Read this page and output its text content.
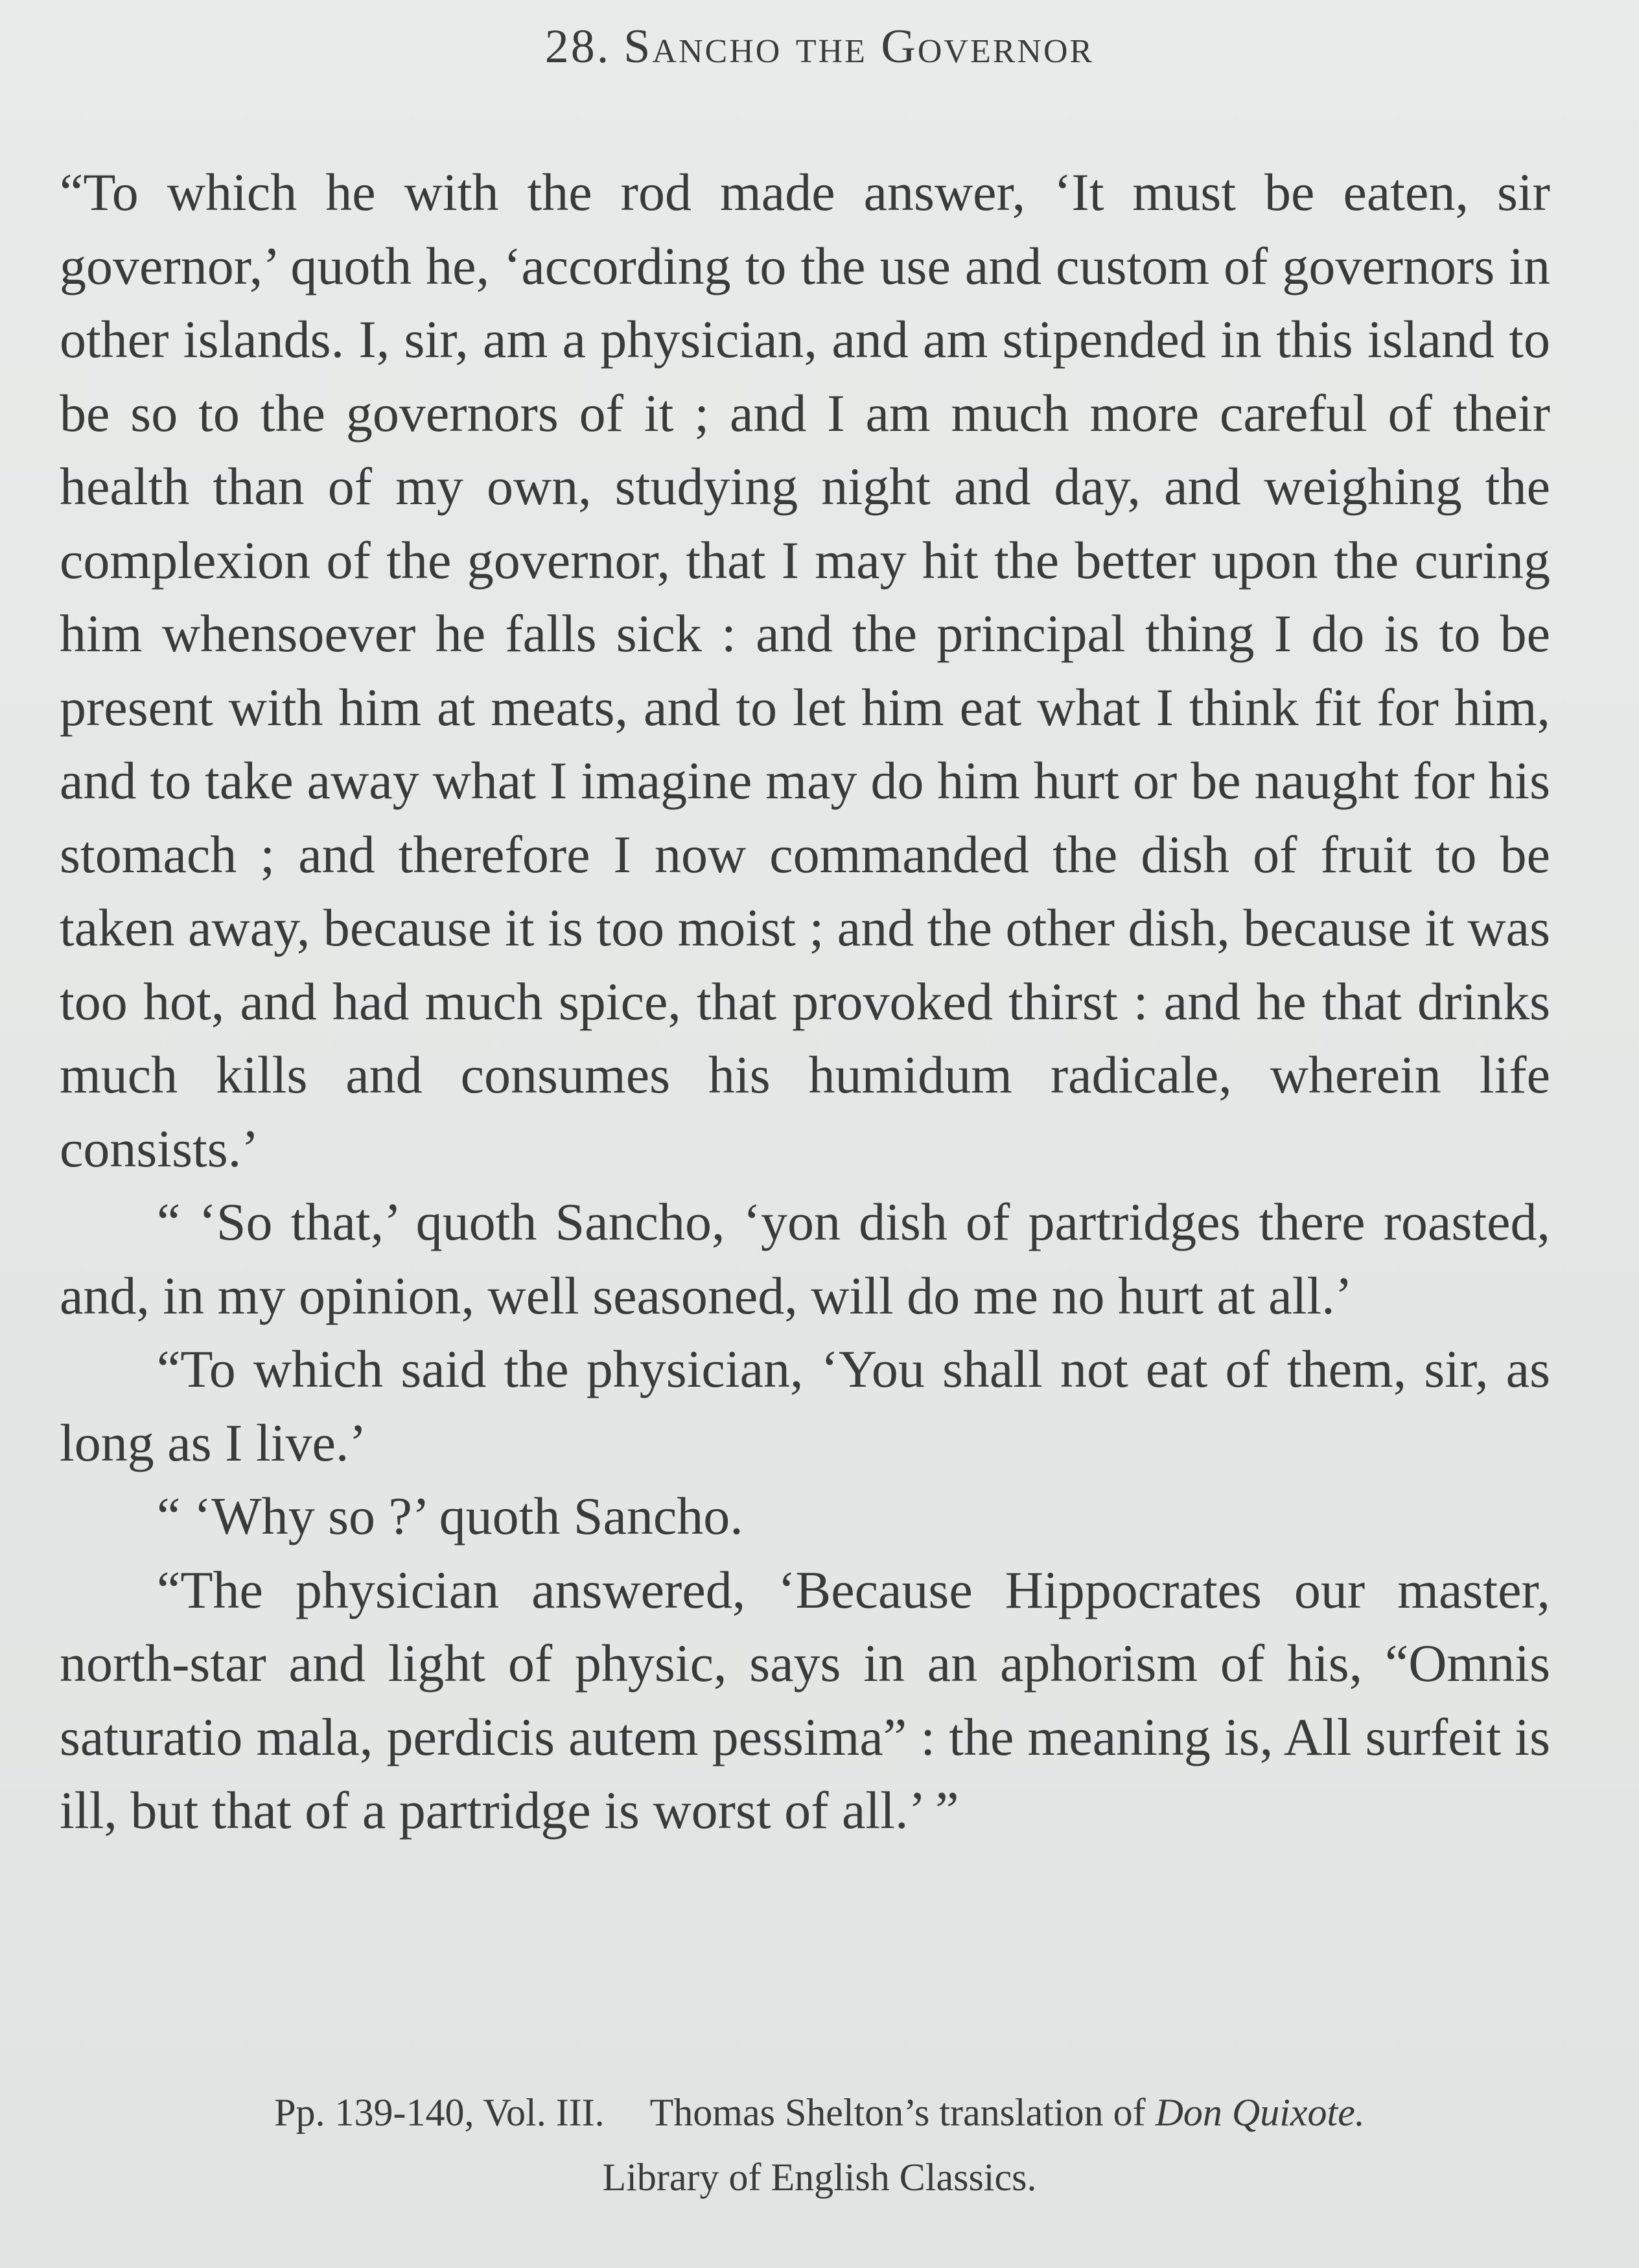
28. Sancho the Governor

“To which he with the rod made answer, ‘It must be eaten, sir governor,’ quoth he, ‘according to the use and custom of governors in other islands. I, sir, am a physician, and am stipended in this island to be so to the governors of it ; and I am much more careful of their health than of my own, studying night and day, and weighing the complexion of the governor, that I may hit the better upon the curing him whensoever he falls sick : and the principal thing I do is to be present with him at meats, and to let him eat what I think fit for him, and to take away what I imagine may do him hurt or be naught for his stomach ; and therefore I now commanded the dish of fruit to be taken away, because it is too moist ; and the other dish, because it was too hot, and had much spice, that provoked thirst : and he that drinks much kills and consumes his humidum radicale, wherein life consists.’

“ ‘So that,’ quoth Sancho, ‘yon dish of partridges there roasted, and, in my opinion, well seasoned, will do me no hurt at all.’

“To which said the physician, ‘You shall not eat of them, sir, as long as I live.’

“ ‘Why so ?’ quoth Sancho.

“The physician answered, ‘Because Hippocrates our master, north-star and light of physic, says in an aphorism of his, “Omnis saturatio mala, perdicis autem pessima” : the meaning is, All surfeit is ill, but that of a partridge is worst of all.’ ”

Pp. 139-140, Vol. III. Thomas Shelton’s translation of Don Quixote.
Library of English Classics.
